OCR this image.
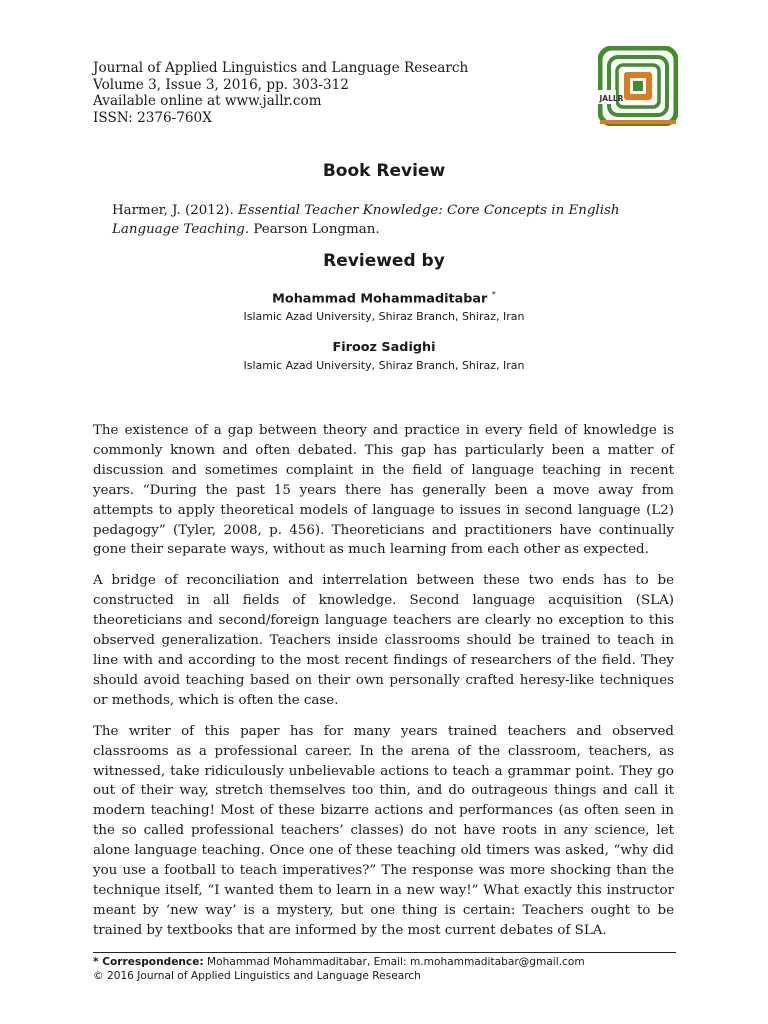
Journal of Applied Linguistics and Language Research
Volume 3, Issue 3, 2016, pp. 303-312
Available online at www.jallr.com
ISSN: 2376-760X
JALLR
Book Review
Harmer, J. (2012). Essential Teacher Knowledge: Core Concepts in English Language Teaching. Pearson Longman.
Reviewed by
Mohammad Mohammaditabar *
Islamic Azad University, Shiraz Branch, Shiraz, Iran
Firooz Sadighi
Islamic Azad University, Shiraz Branch, Shiraz, Iran

The existence of a gap between theory and practice in every field of knowledge is commonly known and often debated. This gap has particularly been a matter of discussion and sometimes complaint in the field of language teaching in recent years. “During the past 15 years there has generally been a move away from attempts to apply theoretical models of language to issues in second language (L2) pedagogy” (Tyler, 2008, p. 456). Theoreticians and practitioners have continually gone their separate ways, without as much learning from each other as expected.

A bridge of reconciliation and interrelation between these two ends has to be constructed in all fields of knowledge. Second language acquisition (SLA) theoreticians and second/foreign language teachers are clearly no exception to this observed generalization. Teachers inside classrooms should be trained to teach in line with and according to the most recent findings of researchers of the field. They should avoid teaching based on their own personally crafted heresy-like techniques or methods, which is often the case.

The writer of this paper has for many years trained teachers and observed classrooms as a professional career. In the arena of the classroom, teachers, as witnessed, take ridiculously unbelievable actions to teach a grammar point. They go out of their way, stretch themselves too thin, and do outrageous things and call it modern teaching! Most of these bizarre actions and performances (as often seen in the so called professional teachers’ classes) do not have roots in any science, let alone language teaching. Once one of these teaching old timers was asked, “why did you use a football to teach imperatives?” The response was more shocking than the technique itself, “I wanted them to learn in a new way!” What exactly this instructor meant by ‘new way’ is a mystery, but one thing is certain: Teachers ought to be trained by textbooks that are informed by the most current debates of SLA.

* Correspondence: Mohammad Mohammaditabar, Email: m.mohammaditabar@gmail.com
© 2016 Journal of Applied Linguistics and Language Research
